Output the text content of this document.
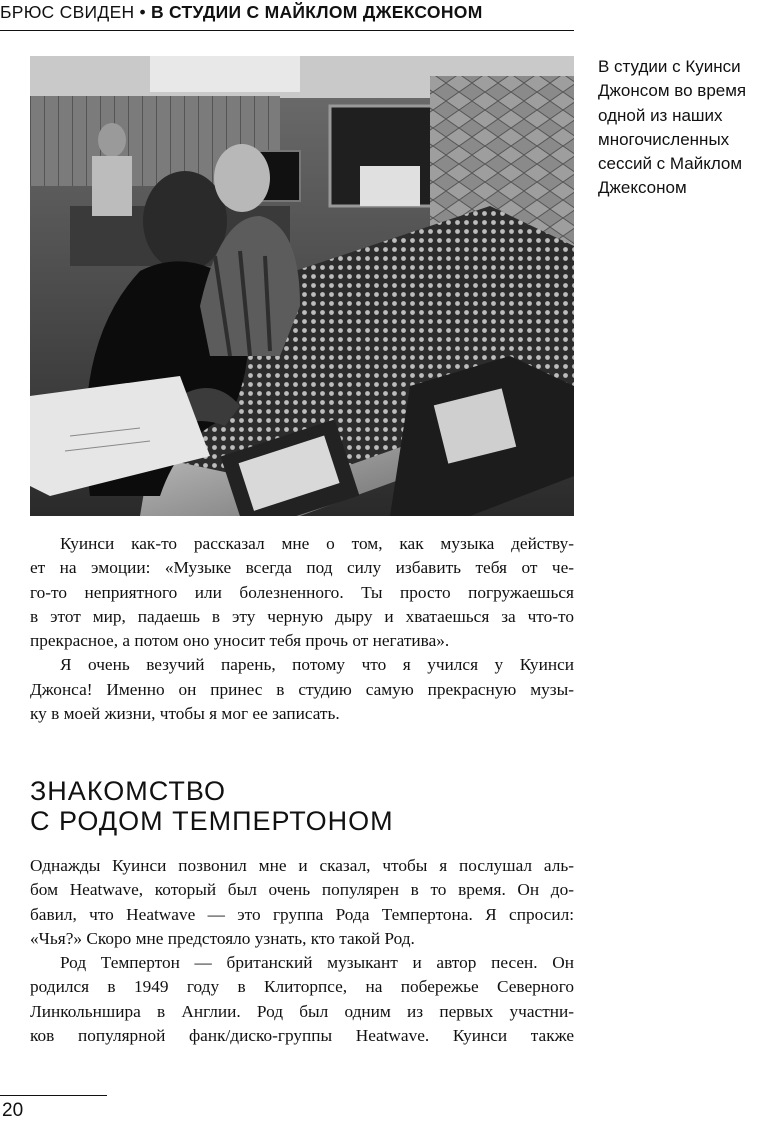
БРЮС СВИДЕН • В СТУДИИ С МАЙКЛОМ ДЖЕКСОНОМ
В студии с Куинси
Джонсом во время
одной из наших
многочисленных
сессий с Майклом
Джексоном
Куинси как-то рассказал мне о том, как музыка действу-
ет на эмоции: «Музыке всегда под силу избавить тебя от че-
го-то неприятного или болезненного. Ты просто погружаешься
в этот мир, падаешь в эту черную дыру и хватаешься за что-то
прекрасное, а потом оно уносит тебя прочь от негатива».
Я очень везучий парень, потому что я учился у Куинси
Джонса! Именно он принес в студию самую прекрасную музы-
ку в моей жизни, чтобы я мог ее записать.
ЗНАКОМСТВО
С РОДОМ ТЕМПЕРТОНОМ
Однажды Куинси позвонил мне и сказал, чтобы я послушал аль-
бом Heatwave, который был очень популярен в то время. Он до-
бавил, что Heatwave — это группа Рода Темпертона. Я спросил:
«Чья?» Скоро мне предстояло узнать, кто такой Род.
Род Темпертон — британский музыкант и автор песен. Он
родился в 1949 году в Клиторпсе, на побережье Северного
Линкольншира в Англии. Род был одним из первых участни-
ков популярной фанк/диско-группы Heatwave. Куинси также
20
